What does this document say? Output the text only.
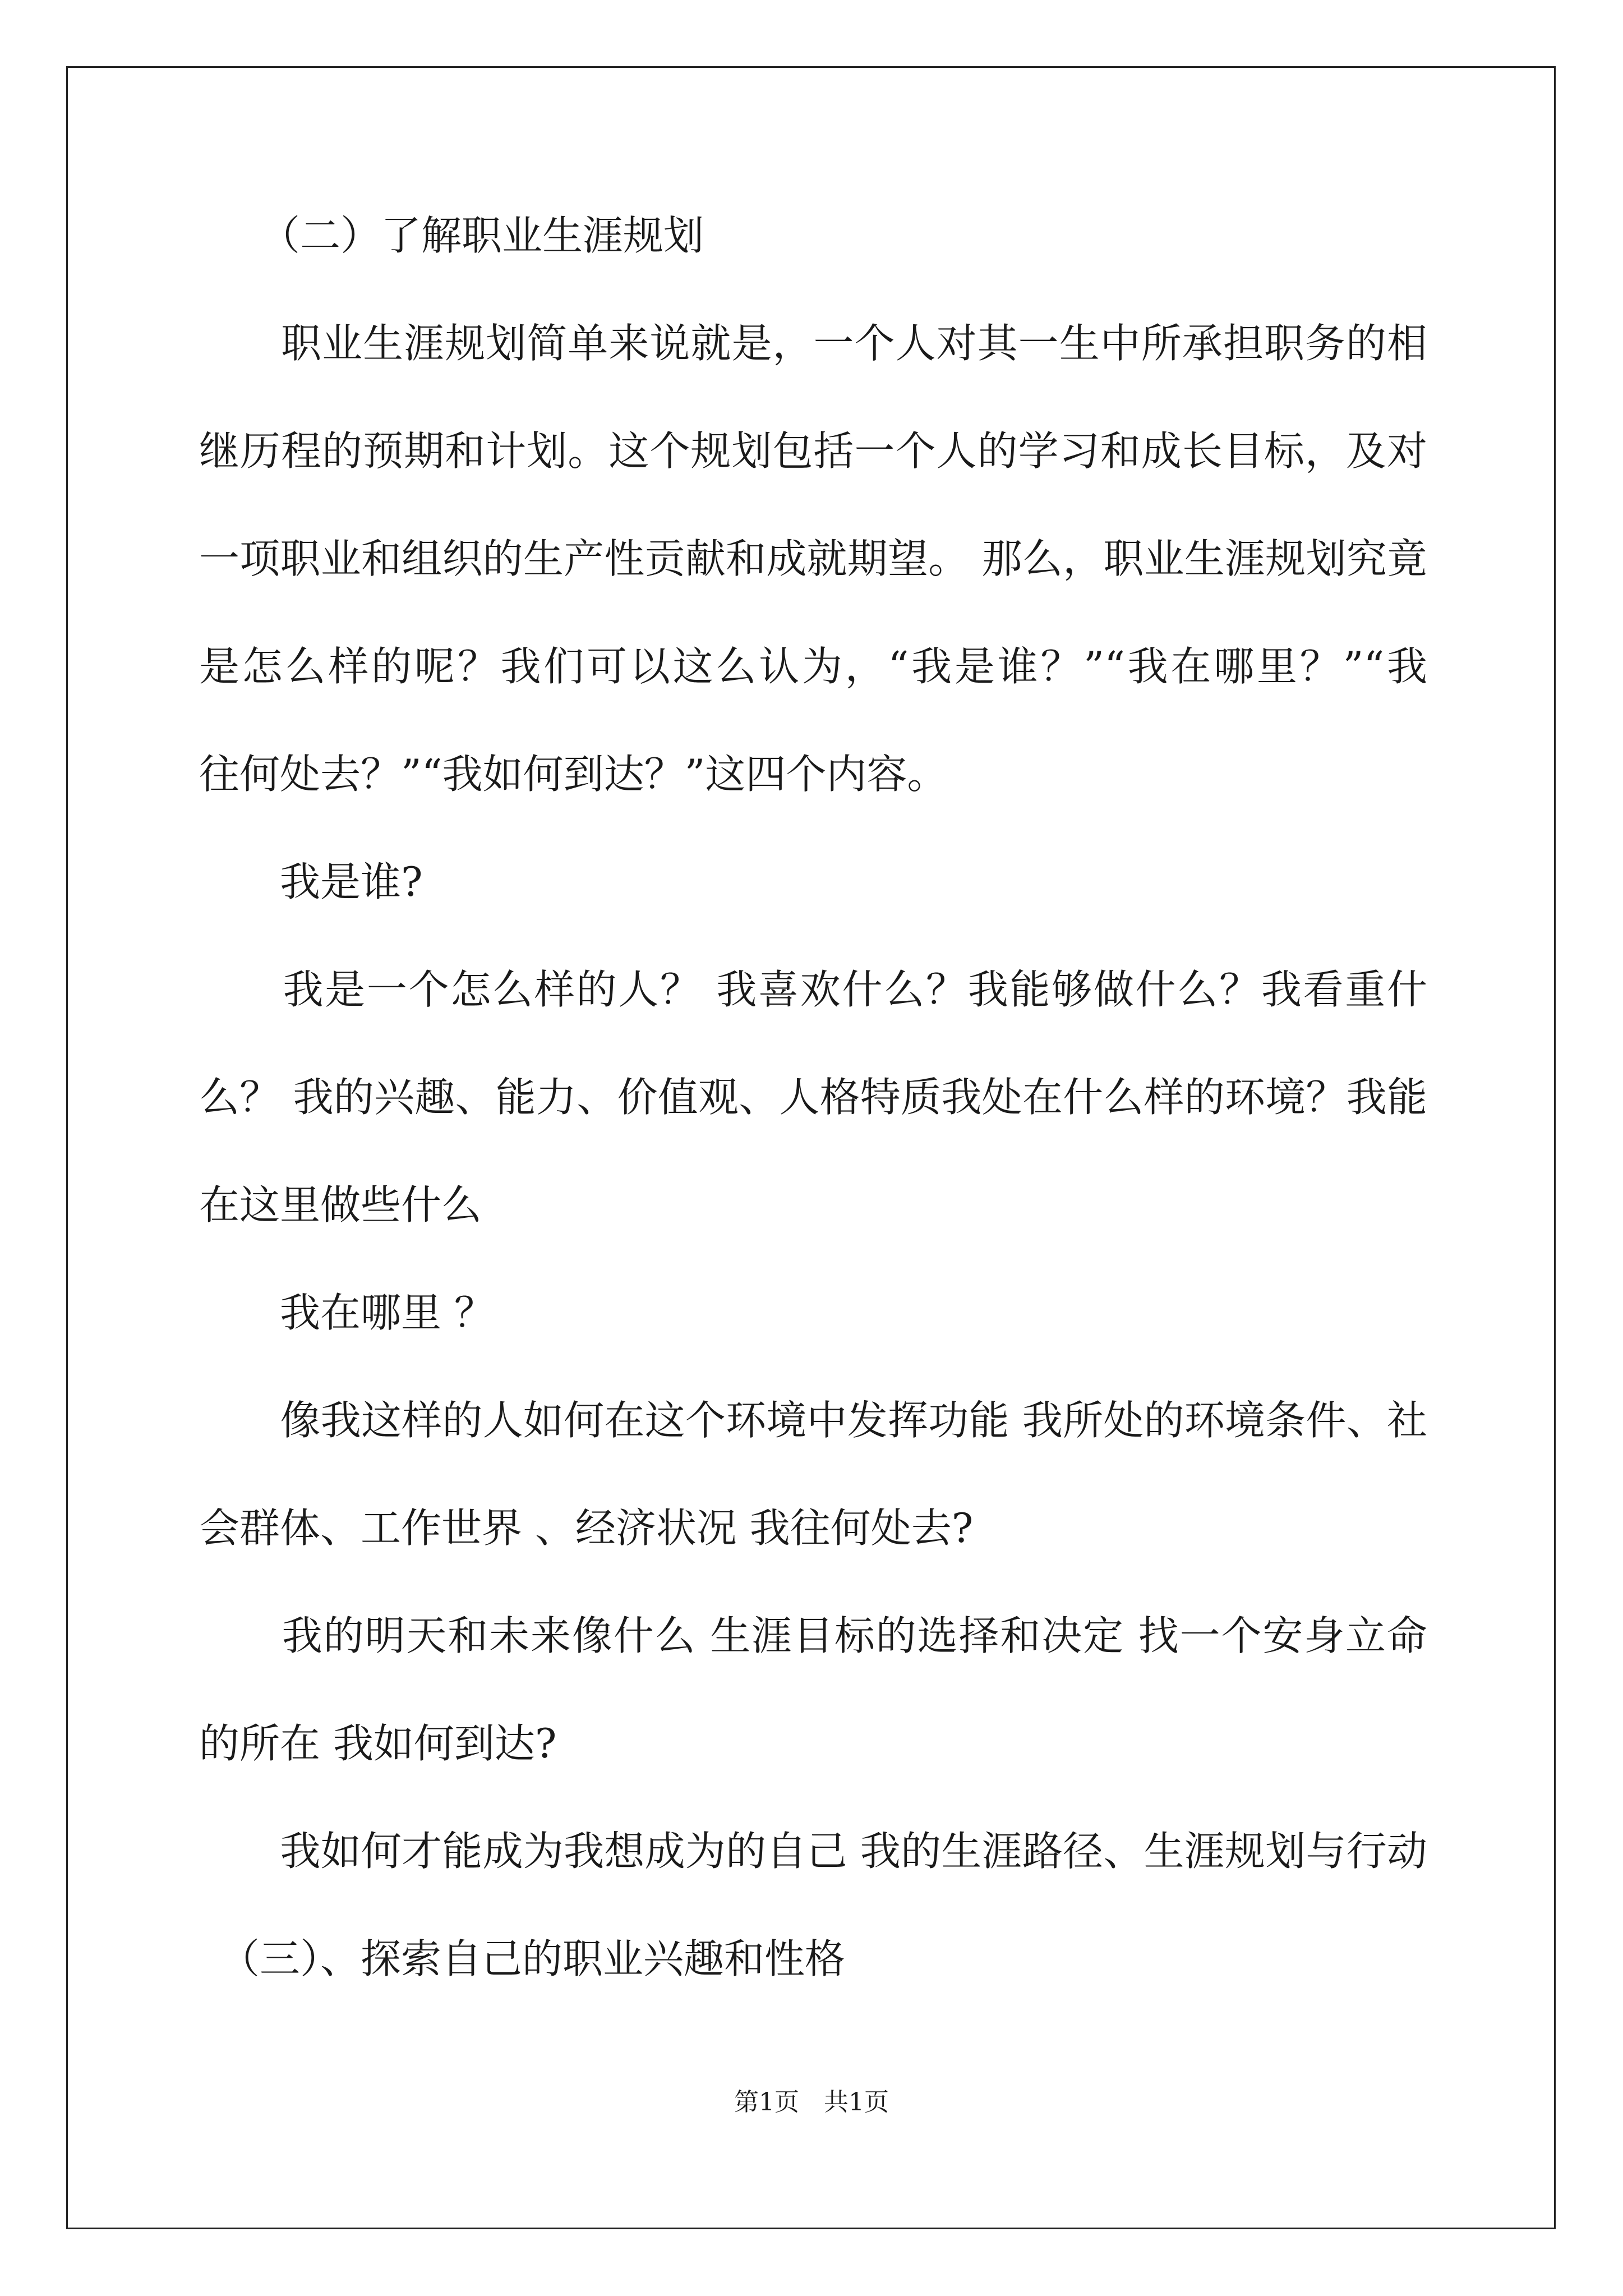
　　（二）了解职业生涯规划
　　职业生涯规划简单来说就是，一个人对其一生中所承担职务的相
继历程的预期和计划。这个规划包括一个人的学习和成长目标，及对
一项职业和组织的生产性贡献和成就期望。 那么，职业生涯规划究竟
是怎么样的呢？我们可以这么认为，“我是谁？”“我在哪里？”“我
往何处去？”“我如何到达？”这四个内容。
　　我是谁?
　　我是一个怎么样的人？ 我喜欢什么？我能够做什么？我看重什
么？ 我的兴趣、能力、价值观、人格特质我处在什么样的环境？我能
在这里做些什么
　　我在哪里 ？
　　像我这样的人如何在这个环境中发挥功能 我所处的环境条件、社
会群体、工作世界 、经济状况 我往何处去?
　　我的明天和未来像什么 生涯目标的选择和决定 找一个安身立命
的所在 我如何到达?
　　我如何才能成为我想成为的自己 我的生涯路径、生涯规划与行动
　（三）、探索自己的职业兴趣和性格
第1页　共1页
